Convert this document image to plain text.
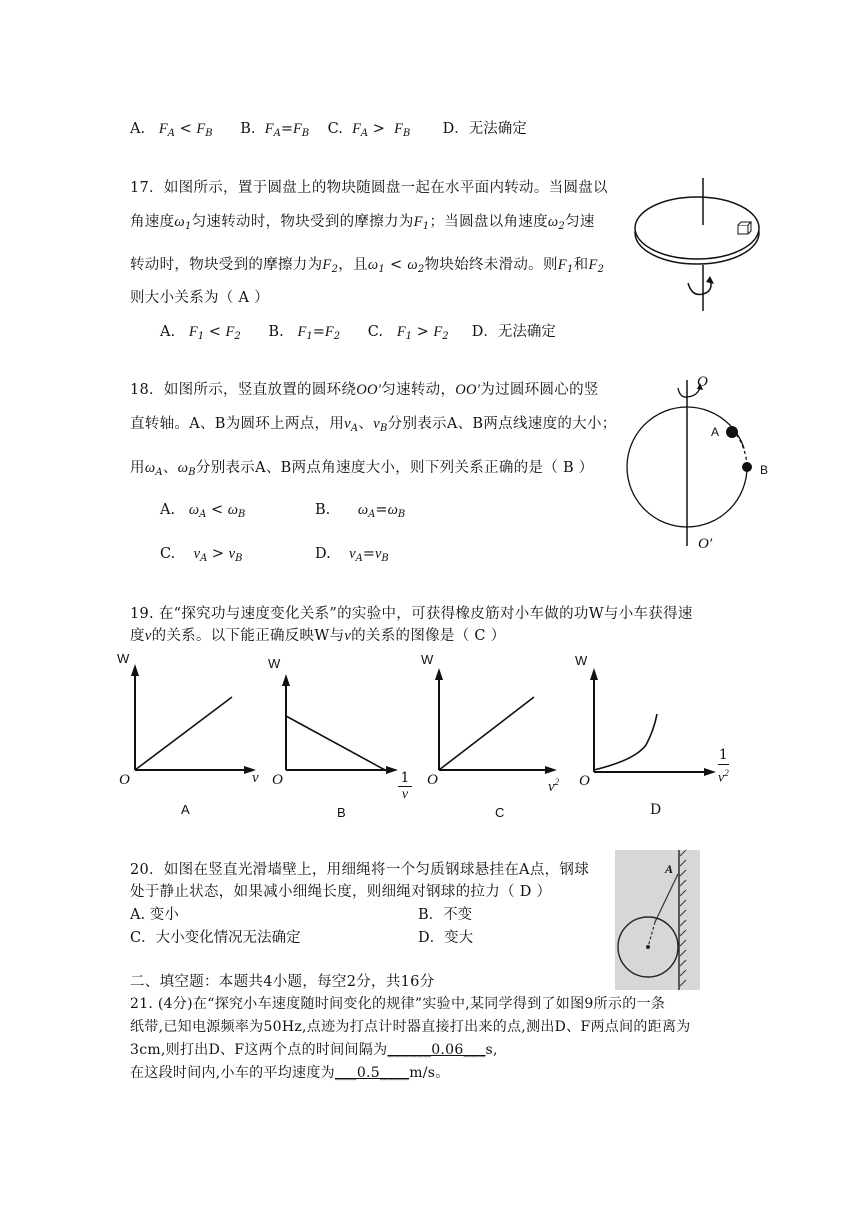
A. $F_A < F_B$ B. $F_A=F_B$ C. $F_A > F_B$ D．无法确定
17．如图所示，置于圆盘上的物块随圆盘一起在水平面内转动。当圆盘以
角速度$\omega_1$匀速转动时，物块受到的摩擦力为$F_1$；当圆盘以角速度$\omega_2$匀速
转动时，物块受到的摩擦力为$F_2$，且$\omega_1 < \omega_2$物块始终未滑动。则$F_1$和$F_2$
则大小关系为（ A ）
A. $F_1 < F_2$ B. $F_1=F_2$ C. $F_1 > F_2$ D．无法确定
18．如图所示，竖直放置的圆环绕OO′匀速转动，OO′为过圆环圆心的竖
直转轴。A、B为圆环上两点，用$v_A$、$v_B$分别表示A、B两点线速度的大小；
用$\omega_A$、$\omega_B$分别表示A、B两点角速度大小，则下列关系正确的是（ B ）
A. $\omega_A < \omega_B$	B. $\omega_A=\omega_B$
C. $v_A > v_B$	D. $v_A=v_B$
O
A
B
O′
19. 在“探究功与速度变化关系”的实验中，可获得橡皮筋对小车做的功W与小车获得速
度v的关系。以下能正确反映W与v的关系的图像是（ C ）
W
O	v
A
W
O	1
v
B
W
O	$v^2$
C
W
O
1
$v^2$
D
20．如图在竖直光滑墙壁上，用细绳将一个匀质钢球悬挂在A点，钢球
处于静止状态，如果减小细绳长度，则细绳对钢球的拉力（ D ）
A. 变小	B．不变
C．大小变化情况无法确定	D．变大
A
二、填空题：本题共4小题，每空2分，共16分
21. (4分)在“探究小车速度随时间变化的规律”实验中,某同学得到了如图9所示的一条
纸带,已知电源频率为50Hz,点迹为打点计时器直接打出来的点,测出D、F两点间的距离为
3cm,则打出D、F这两个点的时间间隔为______0.06___s,
在这段时间内,小车的平均速度为___0.5____m/s。
